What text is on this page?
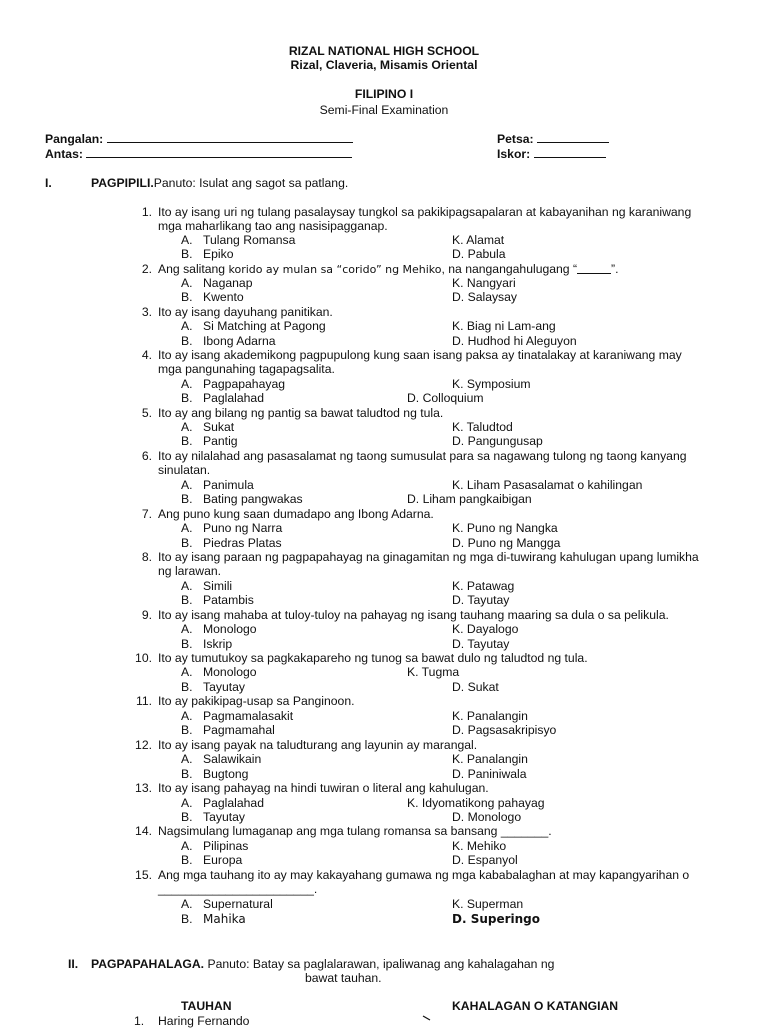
RIZAL NATIONAL HIGH SCHOOL
Rizal, Claveria, Misamis Oriental
FILIPINO I
Semi-Final Examination
Pangalan:
Antas:
Petsa:
Iskor:
I.	PAGPIPILI.Panuto: Isulat ang sagot sa patlang.
1. Ito ay isang uri ng tulang pasalaysay tungkol sa pakikipagsapalaran at kabayanihan ng karaniwang
mga maharlikang tao ang nasisipagganap.
A. Tulang Romansa	K. Alamat
B. Epiko	D. Pabula
2. Ang salitang korido ay mulan sa “corido” ng Mehiko, na nangangahulugang “	”.
A. Naganap	K. Nangyari
B. Kwento	D. Salaysay
3. Ito ay isang dayuhang panitikan.
A. Si Matching at Pagong	K. Biag ni Lam-ang
B. Ibong Adarna	D. Hudhod hi Aleguyon
4. Ito ay isang akademikong pagpupulong kung saan isang paksa ay tinatalakay at karaniwang may
mga pangunahing tagapagsalita.
A. Pagpapahayag	K. Symposium
B. Paglalahad	D. Colloquium
5. Ito ay ang bilang ng pantig sa bawat taludtod ng tula.
A. Sukat	K. Taludtod
B. Pantig	D. Pangungusap
6. Ito ay nilalahad ang pasasalamat ng taong sumusulat para sa nagawang tulong ng taong kanyang
sinulatan.
A. Panimula	K. Liham Pasasalamat o kahilingan
B. Bating pangwakas	D. Liham pangkaibigan
7. Ang puno kung saan dumadapo ang Ibong Adarna.
A. Puno ng Narra	K. Puno ng Nangka
B. Piedras Platas	D. Puno ng Mangga
8. Ito ay isang paraan ng pagpapahayag na ginagamitan ng mga di-tuwirang kahulugan upang lumikha
ng larawan.
A. Simili	K. Patawag
B. Patambis	D. Tayutay
9. Ito ay isang mahaba at tuloy-tuloy na pahayag ng isang tauhang maaring sa dula o sa pelikula.
A. Monologo	K. Dayalogo
B. Iskrip	D. Tayutay
10. Ito ay tumutukoy sa pagkakapareho ng tunog sa bawat dulo ng taludtod ng tula.
A. Monologo	K. Tugma
B. Tayutay	D. Sukat
11. Ito ay pakikipag-usap sa Panginoon.
A. Pagmamalasakit	K. Panalangin
B. Pagmamahal	D. Pagsasakripisyo
12. Ito ay isang payak na taludturang ang layunin ay marangal.
A. Salawikain	K. Panalangin
B. Bugtong	D. Paniniwala
13. Ito ay isang pahayag na hindi tuwiran o literal ang kahulugan.
A. Paglalahad	K. Idyomatikong pahayag
B. Tayutay	D. Monologo
14. Nagsimulang lumaganap ang mga tulang romansa sa bansang _______.
A. Pilipinas	K. Mehiko
B. Europa	D. Espanyol
15. Ang mga tauhang ito ay may kakayahang gumawa ng mga kababalaghan at may kapangyarihan o
_______________________.
A. Supernatural	K. Superman
B. Mahika	D. Superingo
II. PAGPAPAHALAGA. Panuto: Batay sa paglalarawan, ipaliwanag ang kahalagahan ng
bawat tauhan.
TAUHAN	KAHALAGAN O KATANGIAN
1. Haring Fernando
